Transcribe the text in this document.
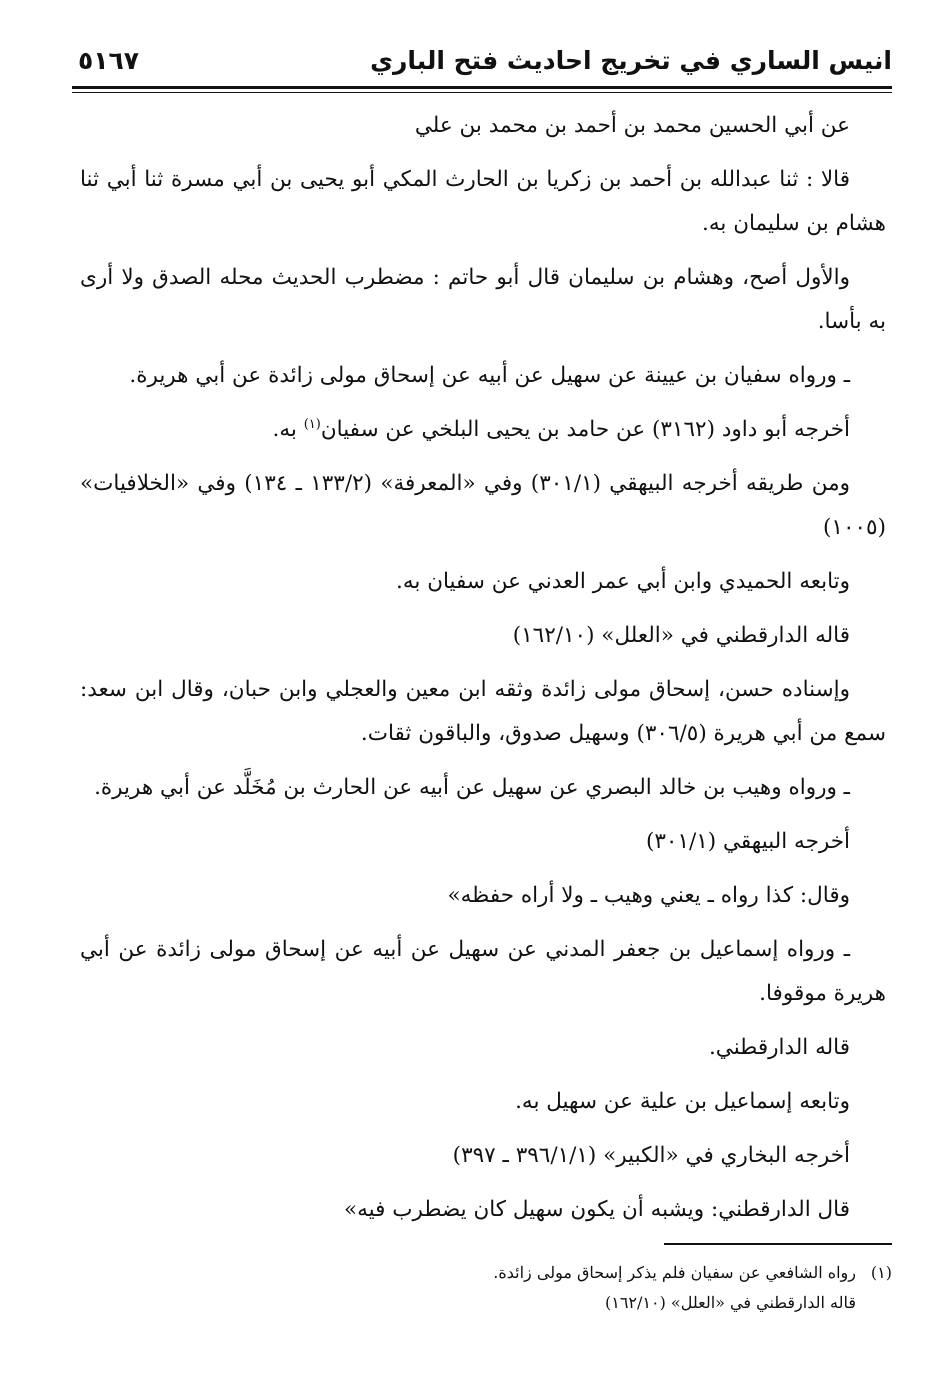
انيس الساري في تخريج احاديث فتح الباري
٥١٦٧

عن أبي الحسين محمد بن أحمد بن محمد بن علي

قالا : ثنا عبدالله بن أحمد بن زكريا بن الحارث المكي أبو يحيى بن أبي مسرة ثنا أبي ثنا هشام بن سليمان به.

والأول أصح، وهشام بن سليمان قال أبو حاتم : مضطرب الحديث محله الصدق ولا أرى به بأسا.

ـ ورواه سفيان بن عيينة عن سهيل عن أبيه عن إسحاق مولى زائدة عن أبي هريرة.

أخرجه أبو داود (٣١٦٢) عن حامد بن يحيى البلخي عن سفيان$^{(١)}$ به.

ومن طريقه أخرجه البيهقي (٣٠١/١) وفي «المعرفة» (١٣٣/٢ ـ ١٣٤) وفي «الخلافيات» (١٠٠٥)

وتابعه الحميدي وابن أبي عمر العدني عن سفيان به.

قاله الدارقطني في «العلل» (١٦٢/١٠)

وإسناده حسن، إسحاق مولى زائدة وثقه ابن معين والعجلي وابن حبان، وقال ابن سعد: سمع من أبي هريرة (٣٠٦/٥) وسهيل صدوق، والباقون ثقات.

ـ ورواه وهيب بن خالد البصري عن سهيل عن أبيه عن الحارث بن مُخَلَّد عن أبي هريرة.

أخرجه البيهقي (٣٠١/١)

وقال: كذا رواه ـ يعني وهيب ـ ولا أراه حفظه»

ـ ورواه إسماعيل بن جعفر المدني عن سهيل عن أبيه عن إسحاق مولى زائدة عن أبي هريرة موقوفا.

قاله الدارقطني.

وتابعه إسماعيل بن علية عن سهيل به.

أخرجه البخاري في «الكبير» (٣٩٦/١/١ ـ ٣٩٧)

قال الدارقطني: ويشبه أن يكون سهيل كان يضطرب فيه»

(١)رواه الشافعي عن سفيان فلم يذكر إسحاق مولى زائدة.

قاله الدارقطني في «العلل» (١٦٢/١٠)
